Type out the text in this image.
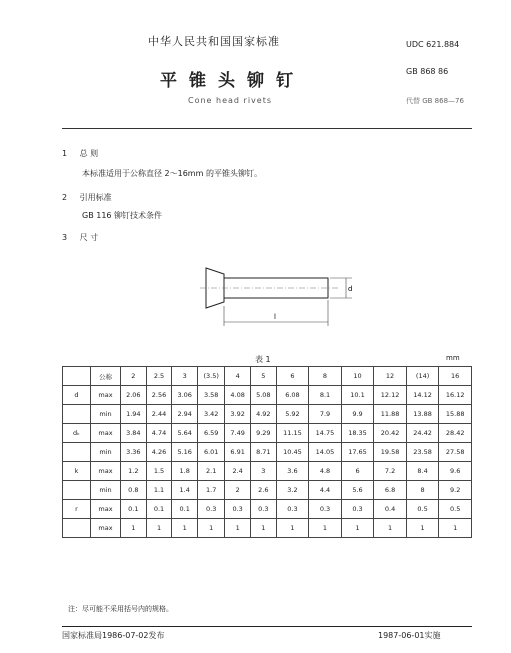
中华人民共和国国家标准
平锥头铆钉
Cone head rivets
UDC 621.884
GB 868 86
代替 GB 868—76
1 总 则
本标准适用于公称直径 2～16mm 的平锥头铆钉。
2 引用标准
GB 116 铆钉技术条件
3 尺 寸
d
l
表 1	mm
	公称	2	2.5	3	(3.5)	4	5	6	8	10	12	(14)	16
d	max	2.06	2.56	3.06	3.58	4.08	5.08	6.08	8.1	10.1	12.12	14.12	16.12
	min	1.94	2.44	2.94	3.42	3.92	4.92	5.92	7.9	9.9	11.88	13.88	15.88
dₖ	max	3.84	4.74	5.64	6.59	7.49	9.29	11.15	14.75	18.35	20.42	24.42	28.42
	min	3.36	4.26	5.16	6.01	6.91	8.71	10.45	14.05	17.65	19.58	23.58	27.58
k	max	1.2	1.5	1.8	2.1	2.4	3	3.6	4.8	6	7.2	8.4	9.6
	min	0.8	1.1	1.4	1.7	2	2.6	3.2	4.4	5.6	6.8	8	9.2
r	max	0.1	0.1	0.1	0.3	0.3	0.3	0.3	0.3	0.3	0.4	0.5	0.5
	max	1	1	1	1	1	1	1	1	1	1	1	1
注：尽可能不采用括号内的规格。
国家标准局1986-07-02发布	1987-06-01实施
